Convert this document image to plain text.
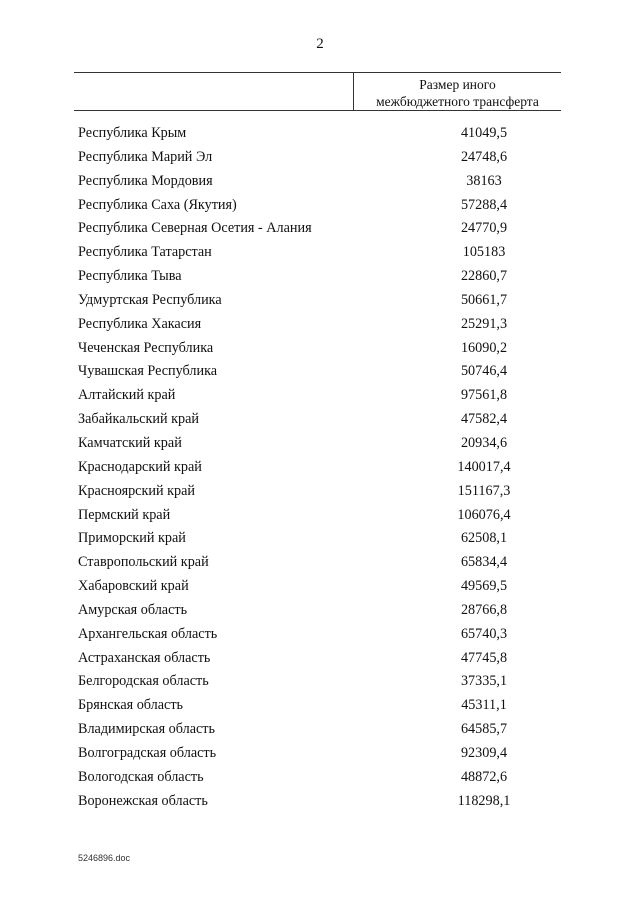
2
Размер иного
межбюджетного трансферта
Республика Крым	41049,5
Республика Марий Эл	24748,6
Республика Мордовия	38163
Республика Саха (Якутия)	57288,4
Республика Северная Осетия - Алания	24770,9
Республика Татарстан	105183
Республика Тыва	22860,7
Удмуртская Республика	50661,7
Республика Хакасия	25291,3
Чеченская Республика	16090,2
Чувашская Республика	50746,4
Алтайский край	97561,8
Забайкальский край	47582,4
Камчатский край	20934,6
Краснодарский край	140017,4
Красноярский край	151167,3
Пермский край	106076,4
Приморский край	62508,1
Ставропольский край	65834,4
Хабаровский край	49569,5
Амурская область	28766,8
Архангельская область	65740,3
Астраханская область	47745,8
Белгородская область	37335,1
Брянская область	45311,1
Владимирская область	64585,7
Волгоградская область	92309,4
Вологодская область	48872,6
Воронежская область	118298,1
5246896.doc
